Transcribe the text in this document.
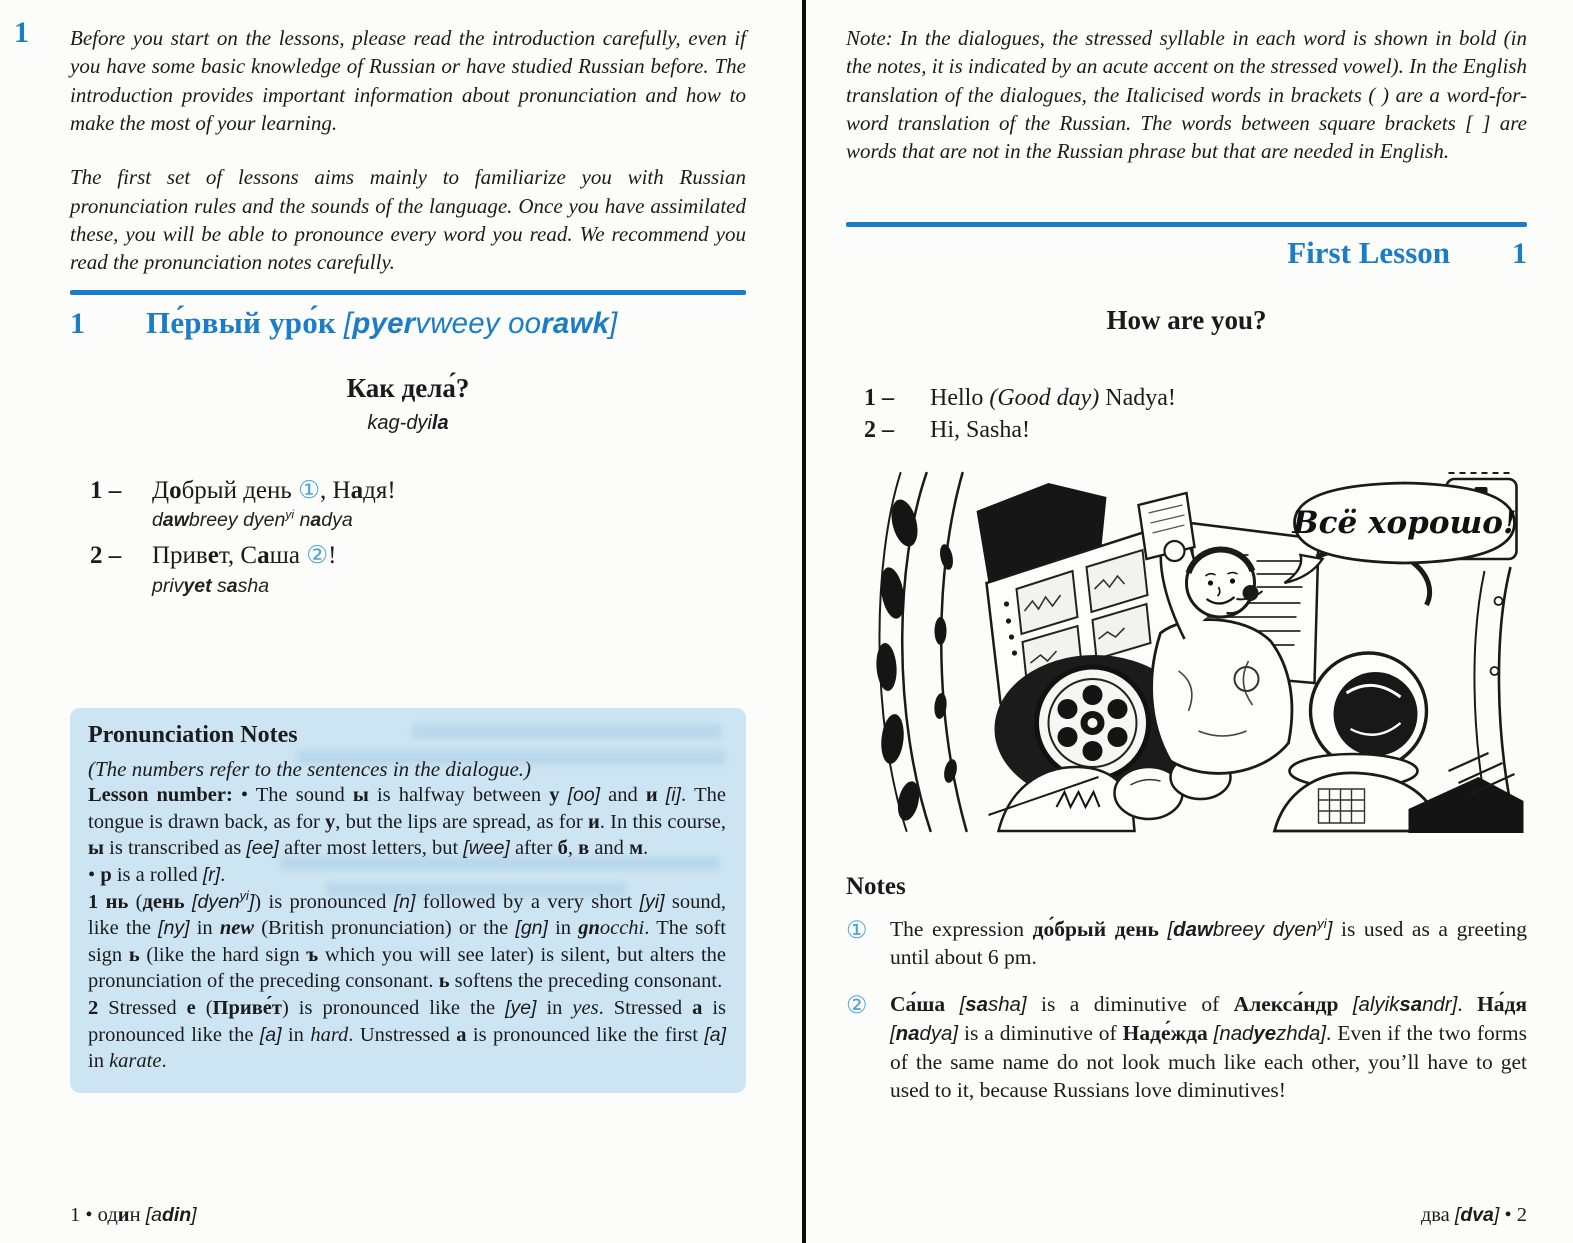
1 Before you start on the lessons, please read the introduction carefully, even if you have some basic knowledge of Russian or have studied Russian before. The introduction provides important information about pronunciation and how to make the most of your learning.

The first set of lessons aims mainly to familiarize you with Russian pronunciation rules and the sounds of the language. Once you have assimilated these, you will be able to pronounce every word you read. We recommend you read the pronunciation notes carefully.

1	Пе́рвый уро́к [pyervweey oorawk]
Как дела́?
kag-dyila
1 –	Добрый день ①, Надя!
dawbreey dyen$^{yi}$ nadya
2 –	Привет, Саша ②!
privyet sasha
Pronunciation Notes
(The numbers refer to the sentences in the dialogue.)

Lesson number: • The sound ы is halfway between у [oo] and и [i]. The tongue is drawn back, as for у, but the lips are spread, as for и. In this course, ы is transcribed as [ee] after most letters, but [wee] after б, в and м.

• р is a rolled [r].

1 нь (день [dyen$^{yi}$]) is pronounced [n] followed by a very short [yi] sound, like the [ny] in new (British pronunciation) or the [gn] in gnocchi. The soft sign ь (like the hard sign ъ which you will see later) is silent, but alters the pronunciation of the preceding consonant. ь softens the preceding consonant.

2 Stressed е (Приве́т) is pronounced like the [ye] in yes. Stressed а is pronounced like the [a] in hard. Unstressed а is pronounced like the first [a] in karate.

1 • один [adin]

Note: In the dialogues, the stressed syllable in each word is shown in bold (in the notes, it is indicated by an acute accent on the stressed vowel). In the English translation of the dialogues, the Italicised words in brackets ( ) are a word-for-word translation of the Russian. The words between square brackets [ ] are words that are not in the Russian phrase but that are needed in English.

First Lesson 1
How are you?
1 –	Hello (Good day) Nadya!
2 –	Hi, Sasha!
Всё хорошо!
Notes
①	The expression до́брый день [dawbreey dyen$^{yi}$] is used as a greeting until about 6 pm.
②	Са́ша [sasha] is a diminutive of Алекса́ндр [alyiksandr]. На́дя [nadya] is a diminutive of Наде́жда [nadyezhda]. Even if the two forms of the same name do not look much like each other, you’ll have to get used to it, because Russians love diminutives!
два [dva] • 2
